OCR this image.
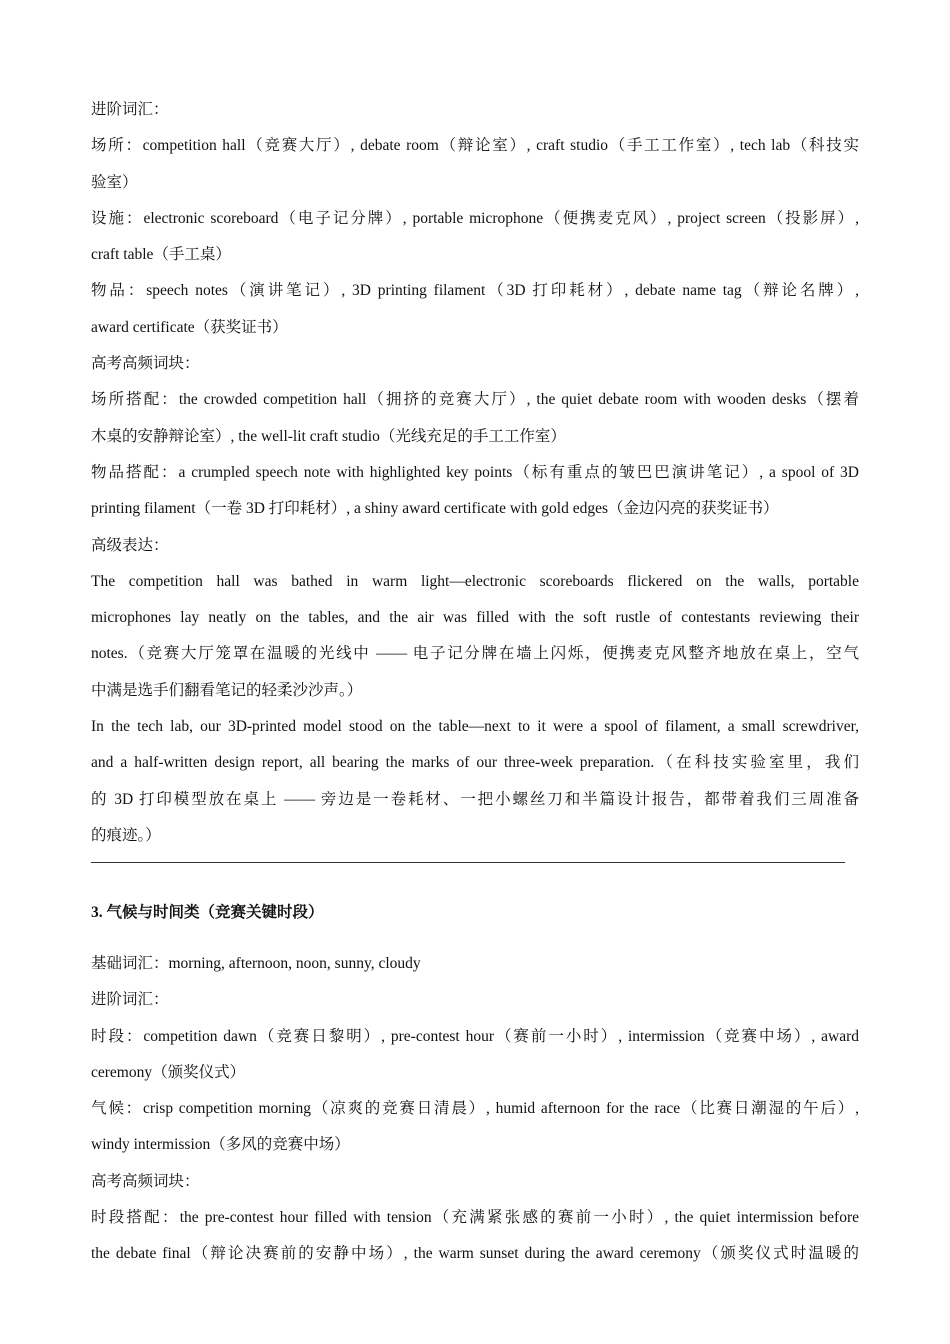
进阶词汇：

场所：competition hall（竞赛大厅）, debate room（辩论室）, craft studio（手工工作室）, tech lab（科技实

验室）

设施：electronic scoreboard（电子记分牌）, portable microphone（便携麦克风）, project screen（投影屏）,

craft table（手工桌）

物品：speech notes（演讲笔记）, 3D printing filament（3D 打印耗材）, debate name tag（辩论名牌）,

award certificate（获奖证书）

高考高频词块：

场所搭配：the crowded competition hall（拥挤的竞赛大厅）, the quiet debate room with wooden desks（摆着

木桌的安静辩论室）, the well-lit craft studio（光线充足的手工工作室）

物品搭配：a crumpled speech note with highlighted key points（标有重点的皱巴巴演讲笔记）, a spool of 3D

printing filament（一卷 3D 打印耗材）, a shiny award certificate with gold edges（金边闪亮的获奖证书）

高级表达：

The competition hall was bathed in warm light—electronic scoreboards flickered on the walls, portable

microphones lay neatly on the tables, and the air was filled with the soft rustle of contestants reviewing their

notes.（竞赛大厅笼罩在温暖的光线中 —— 电子记分牌在墙上闪烁，便携麦克风整齐地放在桌上，空气

中满是选手们翻看笔记的轻柔沙沙声。）

In the tech lab, our 3D-printed model stood on the table—next to it were a spool of filament, a small screwdriver,

and a half-written design report, all bearing the marks of our three-week preparation.（在科技实验室里，我们

的 3D 打印模型放在桌上 —— 旁边是一卷耗材、一把小螺丝刀和半篇设计报告，都带着我们三周准备

的痕迹。）

3. 气候与时间类（竞赛关键时段）

基础词汇：morning, afternoon, noon, sunny, cloudy

进阶词汇：

时段：competition dawn（竞赛日黎明）, pre-contest hour（赛前一小时）, intermission（竞赛中场）, award

ceremony（颁奖仪式）

气候：crisp competition morning（凉爽的竞赛日清晨）, humid afternoon for the race（比赛日潮湿的午后）,

windy intermission（多风的竞赛中场）

高考高频词块：

时段搭配：the pre-contest hour filled with tension（充满紧张感的赛前一小时）, the quiet intermission before

the debate final（辩论决赛前的安静中场）, the warm sunset during the award ceremony（颁奖仪式时温暖的
